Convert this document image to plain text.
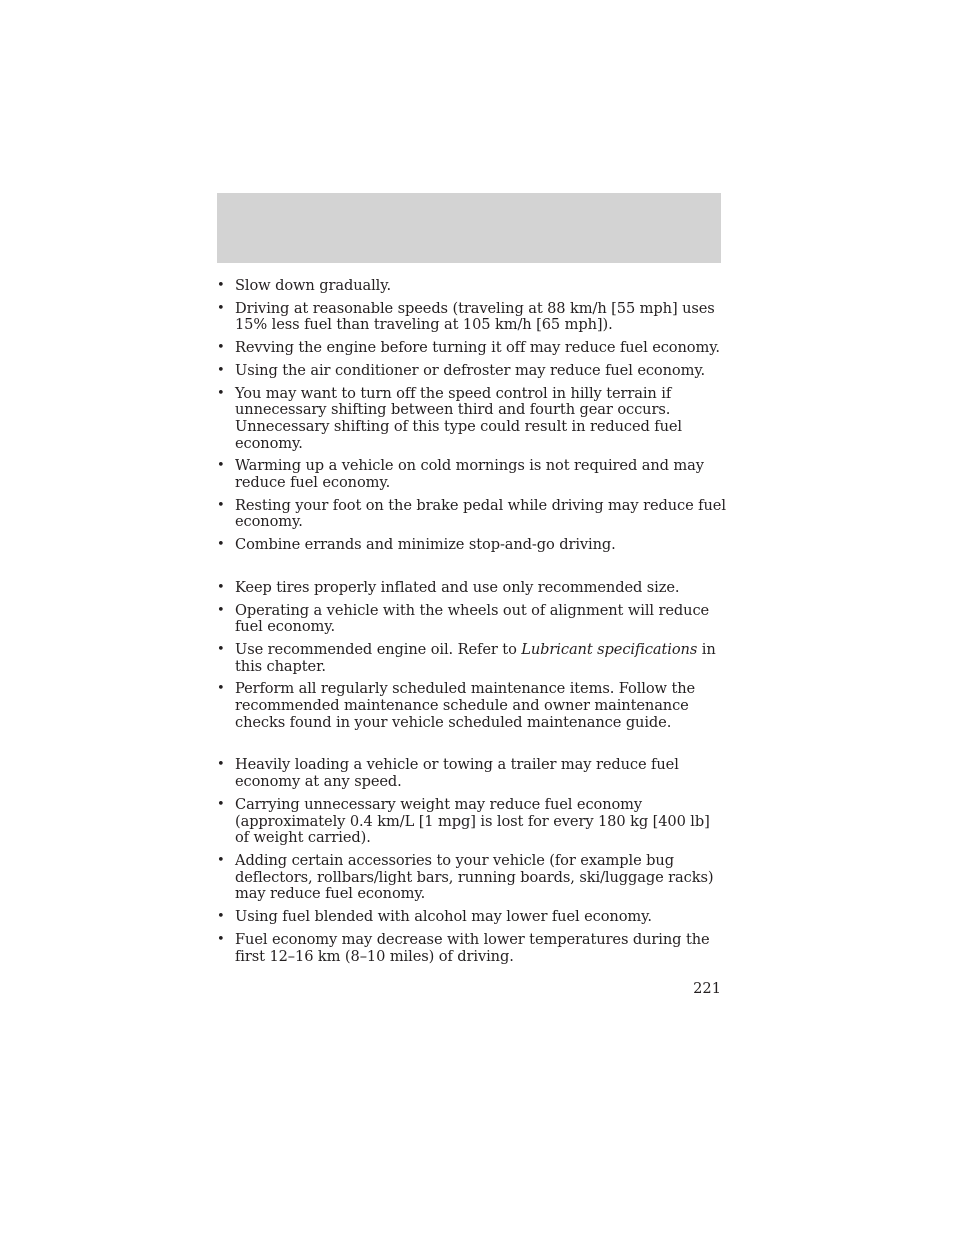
• Slow down gradually.
• Driving at reasonable speeds (traveling at 88 km/h [55 mph] uses 15% less fuel than traveling at 105 km/h [65 mph]).
• Revving the engine before turning it off may reduce fuel economy.
• Using the air conditioner or defroster may reduce fuel economy.
• You may want to turn off the speed control in hilly terrain if unnecessary shifting between third and fourth gear occurs. Unnecessary shifting of this type could result in reduced fuel economy.
• Warming up a vehicle on cold mornings is not required and may reduce fuel economy.
• Resting your foot on the brake pedal while driving may reduce fuel economy.
• Combine errands and minimize stop-and-go driving.
• Keep tires properly inflated and use only recommended size.
• Operating a vehicle with the wheels out of alignment will reduce fuel economy.
• Use recommended engine oil. Refer to Lubricant specifications in this chapter.
• Perform all regularly scheduled maintenance items. Follow the recommended maintenance schedule and owner maintenance checks found in your vehicle scheduled maintenance guide.
• Heavily loading a vehicle or towing a trailer may reduce fuel economy at any speed.
• Carrying unnecessary weight may reduce fuel economy (approximately 0.4 km/L [1 mpg] is lost for every 180 kg [400 lb] of weight carried).
• Adding certain accessories to your vehicle (for example bug deflectors, rollbars/light bars, running boards, ski/luggage racks) may reduce fuel economy.
• Using fuel blended with alcohol may lower fuel economy.
• Fuel economy may decrease with lower temperatures during the first 12–16 km (8–10 miles) of driving.
221
